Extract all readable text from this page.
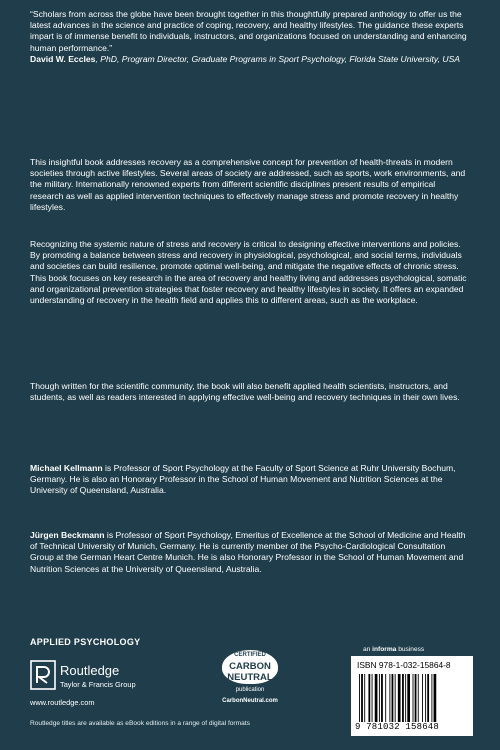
“Scholars from across the globe have been brought together in this thoughtfully prepared anthology to offer us the latest advances in the science and practice of coping, recovery, and healthy lifestyles. The guidance these experts impart is of immense benefit to individuals, instructors, and organizations focused on understanding and enhancing human performance.”
David W. Eccles, PhD, Program Director, Graduate Programs in Sport Psychology, Florida State University, USA
This insightful book addresses recovery as a comprehensive concept for prevention of health-threats in modern societies through active lifestyles. Several areas of society are addressed, such as sports, work environments, and the military. Internationally renowned experts from different scientific disciplines present results of empirical research as well as applied intervention techniques to effectively manage stress and promote recovery in healthy lifestyles.
Recognizing the systemic nature of stress and recovery is critical to designing effective interventions and policies. By promoting a balance between stress and recovery in physiological, psychological, and social terms, individuals and societies can build resilience, promote optimal well-being, and mitigate the negative effects of chronic stress. This book focuses on key research in the area of recovery and healthy living and addresses psychological, somatic and organizational prevention strategies that foster recovery and healthy lifestyles in society. It offers an expanded understanding of recovery in the health field and applies this to different areas, such as the workplace.
Though written for the scientific community, the book will also benefit applied health scientists, instructors, and students, as well as readers interested in applying effective well-being and recovery techniques in their own lives.
Michael Kellmann is Professor of Sport Psychology at the Faculty of Sport Science at Ruhr University Bochum, Germany. He is also an Honorary Professor in the School of Human Movement and Nutrition Sciences at the University of Queensland, Australia.
Jürgen Beckmann is Professor of Sport Psychology, Emeritus of Excellence at the School of Medicine and Health of Technical University of Munich, Germany. He is currently member of the Psycho-Cardiological Consultation Group at the German Heart Centre Munich. He is also Honorary Professor in the School of Human Movement and Nutrition Sciences at the University of Queensland, Australia.
APPLIED PSYCHOLOGY
Routledge
Taylor & Francis Group
www.routledge.com
CERTIFIED
CARBON NEUTRAL
publication
CarbonNeutral.com
an informa business
ISBN 978-1-032-15864-8
9 781032 158648
Routledge titles are available as eBook editions in a range of digital formats
